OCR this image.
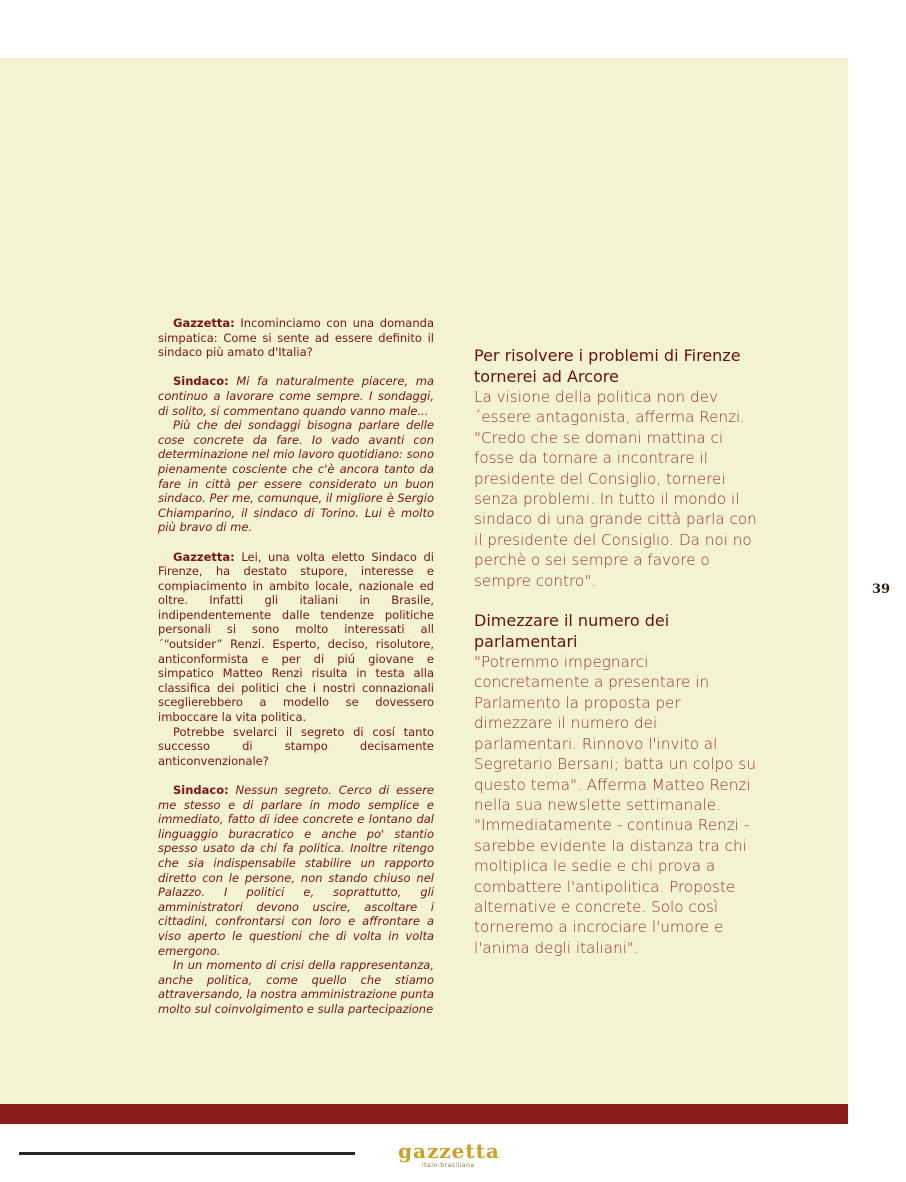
Gazzetta: Incominciamo con una domanda simpatica: Come si sente ad essere definito il sindaco più amato d'Italia?

Sindaco: Mi fa naturalmente piacere, ma continuo a lavorare come sempre. I sondaggi, di solito, si commentano quando vanno male...

Più che dei sondaggi bisogna parlare delle cose concrete da fare. Io vado avanti con determinazione nel mio lavoro quotidiano: sono pienamente cosciente che c'è ancora tanto da fare in città per essere considerato un buon sindaco. Per me, comunque, il migliore è Sergio Chiamparino, il sindaco di Torino. Lui è molto più bravo di me.

Gazzetta: Lei, una volta eletto Sindaco di Firenze, ha destato stupore, interesse e compiacimento in ambito locale, nazionale ed oltre. Infatti gli italiani in Brasile, indipendentemente dalle tendenze politiche personali si sono molto interessati all´“outsider” Renzi. Esperto, deciso, risolutore, anticonformista e per di piú giovane e simpatico Matteo Renzi risulta in testa alla classifica dei politici che i nostri connazionali sceglierebbero a modello se dovessero imboccare la vita politica.

Potrebbe svelarci il segreto di cosí tanto successo di stampo decisamente anticonvenzionale?

Sindaco: Nessun segreto. Cerco di essere me stesso e di parlare in modo semplice e immediato, fatto di idee concrete e lontano dal linguaggio buracratico e anche po' stantio spesso usato da chi fa politica. Inoltre ritengo che sia indispensabile stabilire un rapporto diretto con le persone, non stando chiuso nel Palazzo. I politici e, soprattutto, gli amministratori devono uscire, ascoltare i cittadini, confrontarsi con loro e affrontare a viso aperto le questioni che di volta in volta emergono.

In un momento di crisi della rappresentanza, anche politica, come quello che stiamo attraversando, la nostra amministrazione punta molto sul coinvolgimento e sulla partecipazione

Per risolvere i problemi di Firenze tornerei ad Arcore

La visione della politica non dev´essere antagonista, afferma Renzi. "Credo che se domani mattina ci fosse da tornare a incontrare il presidente del Consiglio, tornerei senza problemi. In tutto il mondo il sindaco di una grande città parla con il presidente del Consiglio. Da noi no perchè o sei sempre a favore o sempre contro".

Dimezzare il numero dei parlamentari

"Potremmo impegnarci concretamente a presentare in Parlamento la proposta per dimezzare il numero dei parlamentari. Rinnovo l'invito al Segretario Bersani; batta un colpo su questo tema". Afferma Matteo Renzi nella sua newslette settimanale. "Immediatamente - continua Renzi - sarebbe evidente la distanza tra chi moltiplica le sedie e chi prova a combattere l'antipolitica. Proposte alternative e concrete. Solo così torneremo a incrociare l'umore e l'anima degli italiani".

39
gazzetta
italo-brasiliana
